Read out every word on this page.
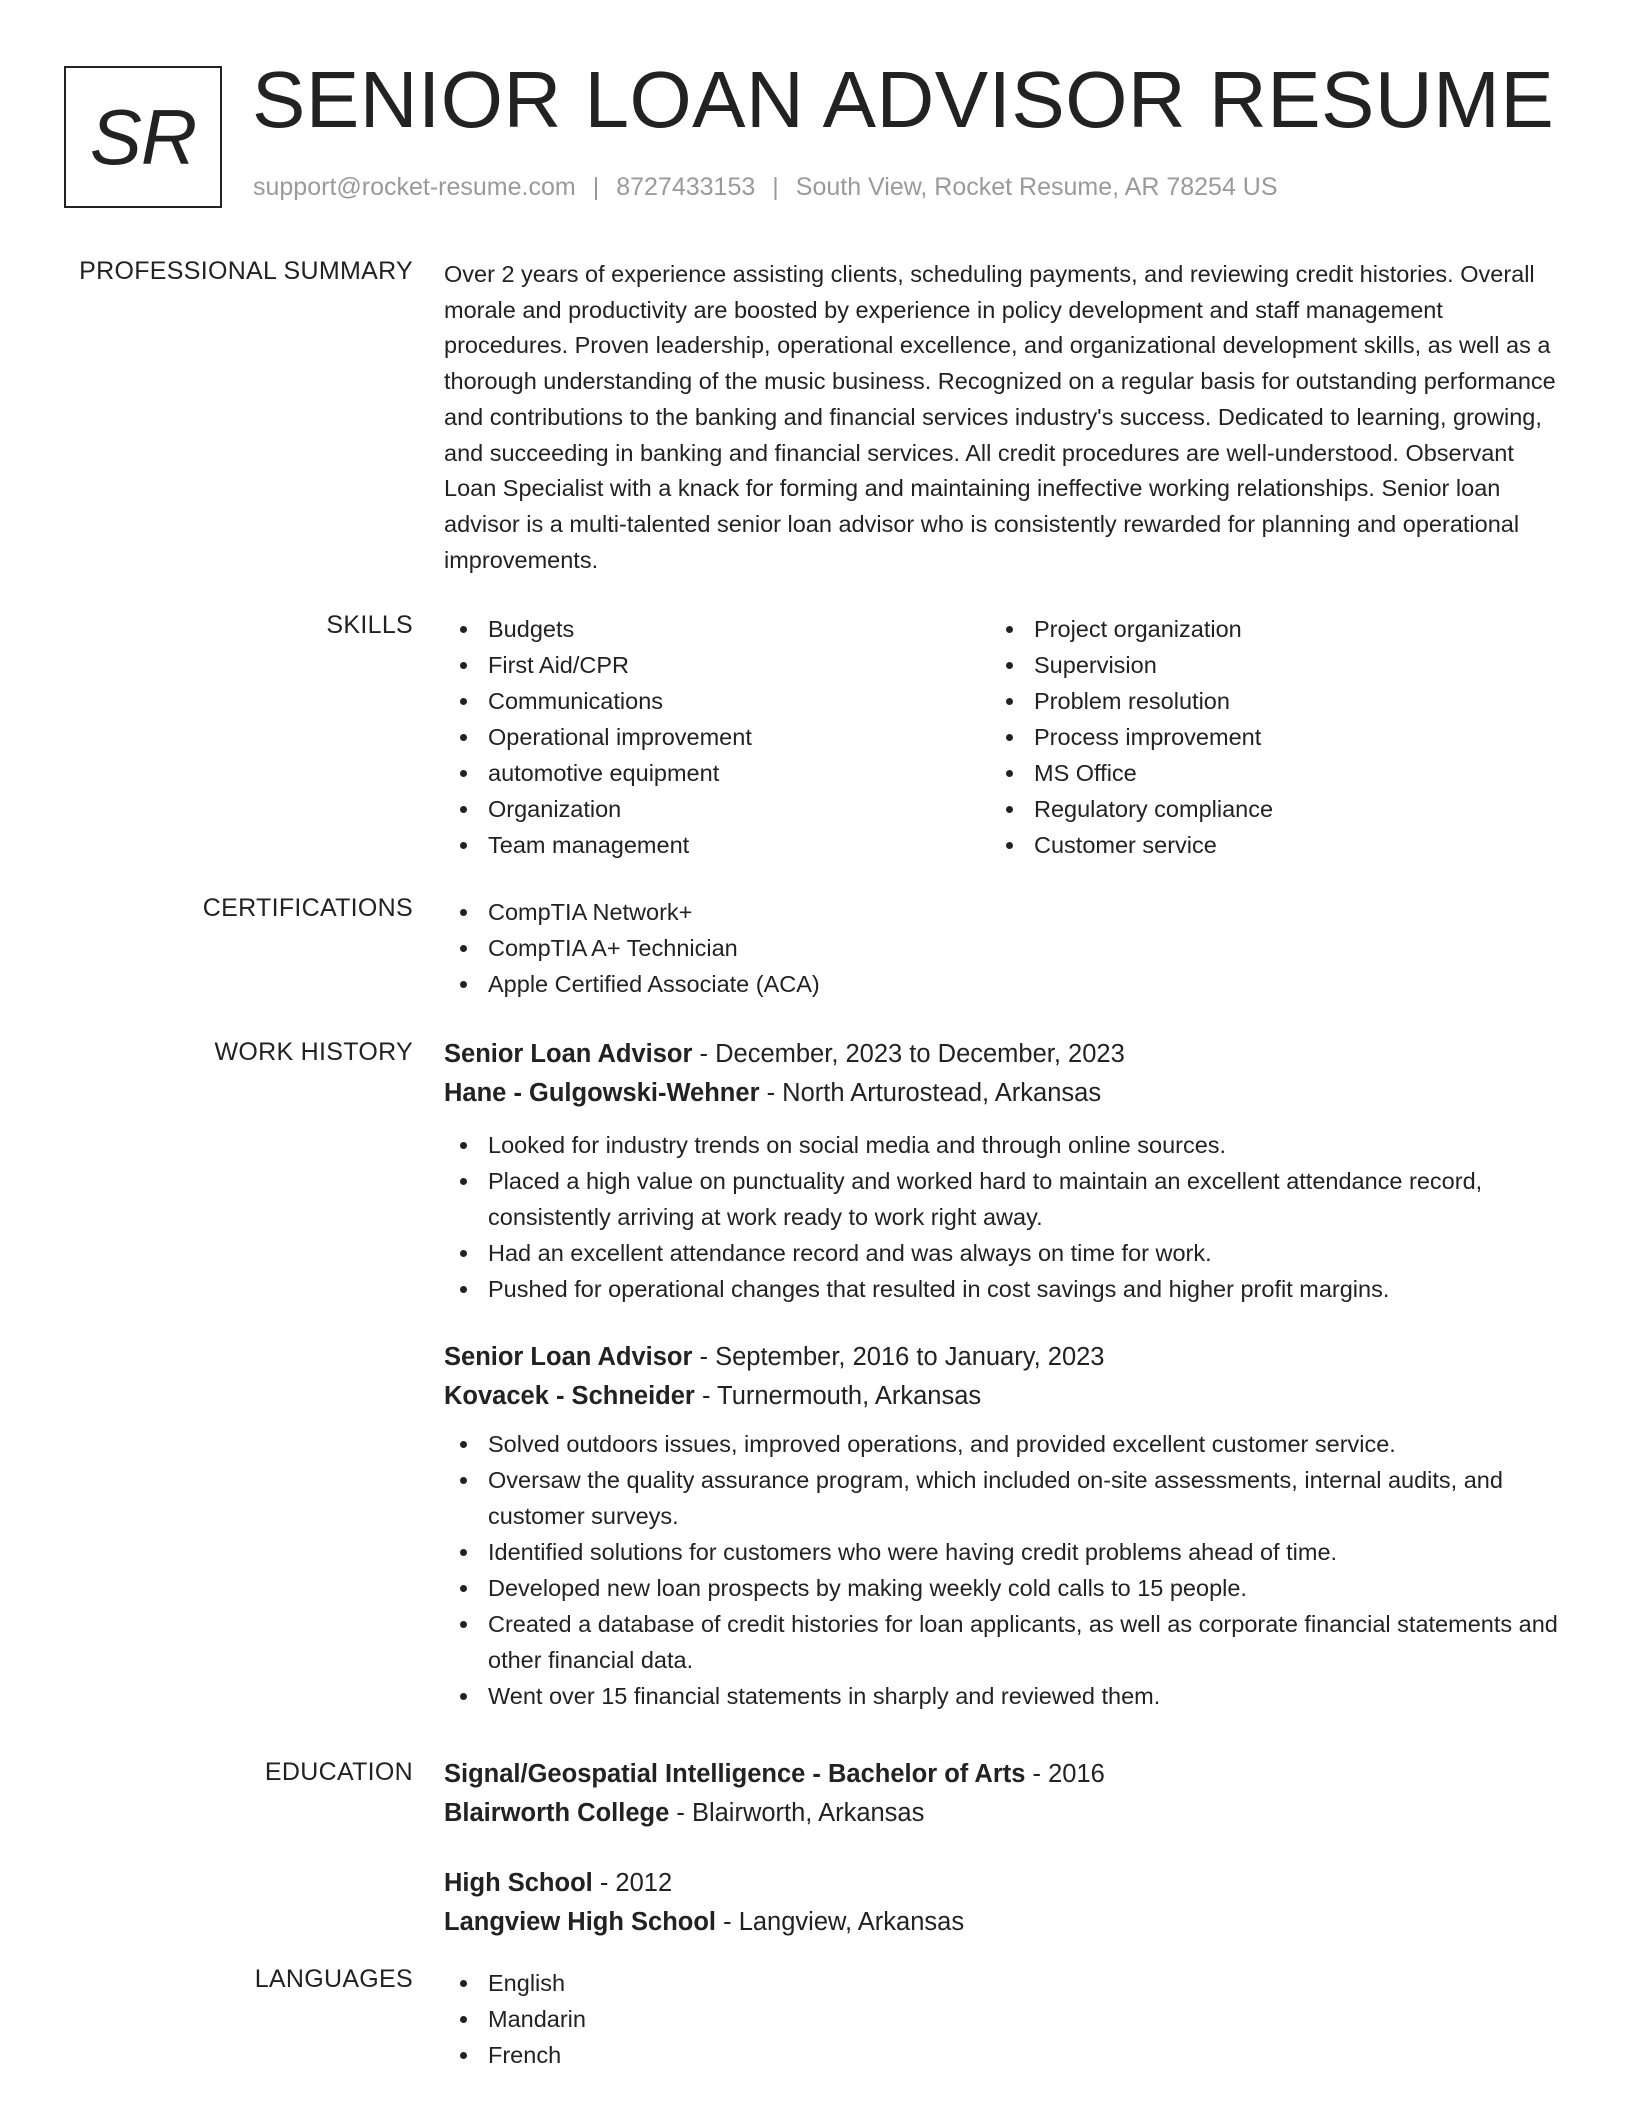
SR SENIOR LOAN ADVISOR RESUME
support@rocket-resume.com | 8727433153 | South View, Rocket Resume, AR 78254 US
PROFESSIONAL SUMMARY Over 2 years of experience assisting clients, scheduling payments, and reviewing credit histories. Overall morale and productivity are boosted by experience in policy development and staff management procedures. Proven leadership, operational excellence, and organizational development skills, as well as a thorough understanding of the music business. Recognized on a regular basis for outstanding performance and contributions to the banking and financial services industry's success. Dedicated to learning, growing, and succeeding in banking and financial services. All credit procedures are well-understood. Observant Loan Specialist with a knack for forming and maintaining ineffective working relationships. Senior loan advisor is a multi-talented senior loan advisor who is consistently rewarded for planning and operational improvements.

SKILLS	Budgets
First Aid/CPR
Communications
Operational improvement
automotive equipment
Organization
Team management
Project organization
Supervision
Problem resolution
Process improvement
MS Office
Regulatory compliance
Customer service
CERTIFICATIONS	CompTIA Network+
CompTIA A+ Technician
Apple Certified Associate (ACA)
WORK HISTORY Senior Loan Advisor - December, 2023 to December, 2023
Hane - Gulgowski-Wehner - North Arturostead, Arkansas
Looked for industry trends on social media and through online sources.
Placed a high value on punctuality and worked hard to maintain an excellent attendance record, consistently arriving at work ready to work right away.
Had an excellent attendance record and was always on time for work.
Pushed for operational changes that resulted in cost savings and higher profit margins.
Senior Loan Advisor - September, 2016 to January, 2023
Kovacek - Schneider - Turnermouth, Arkansas
Solved outdoors issues, improved operations, and provided excellent customer service.
Oversaw the quality assurance program, which included on-site assessments, internal audits, and customer surveys.
Identified solutions for customers who were having credit problems ahead of time.
Developed new loan prospects by making weekly cold calls to 15 people.
Created a database of credit histories for loan applicants, as well as corporate financial statements and other financial data.
Went over 15 financial statements in sharply and reviewed them.
EDUCATION Signal/Geospatial Intelligence - Bachelor of Arts - 2016
Blairworth College - Blairworth, Arkansas
High School - 2012
Langview High School - Langview, Arkansas
LANGUAGES	English
Mandarin
French
